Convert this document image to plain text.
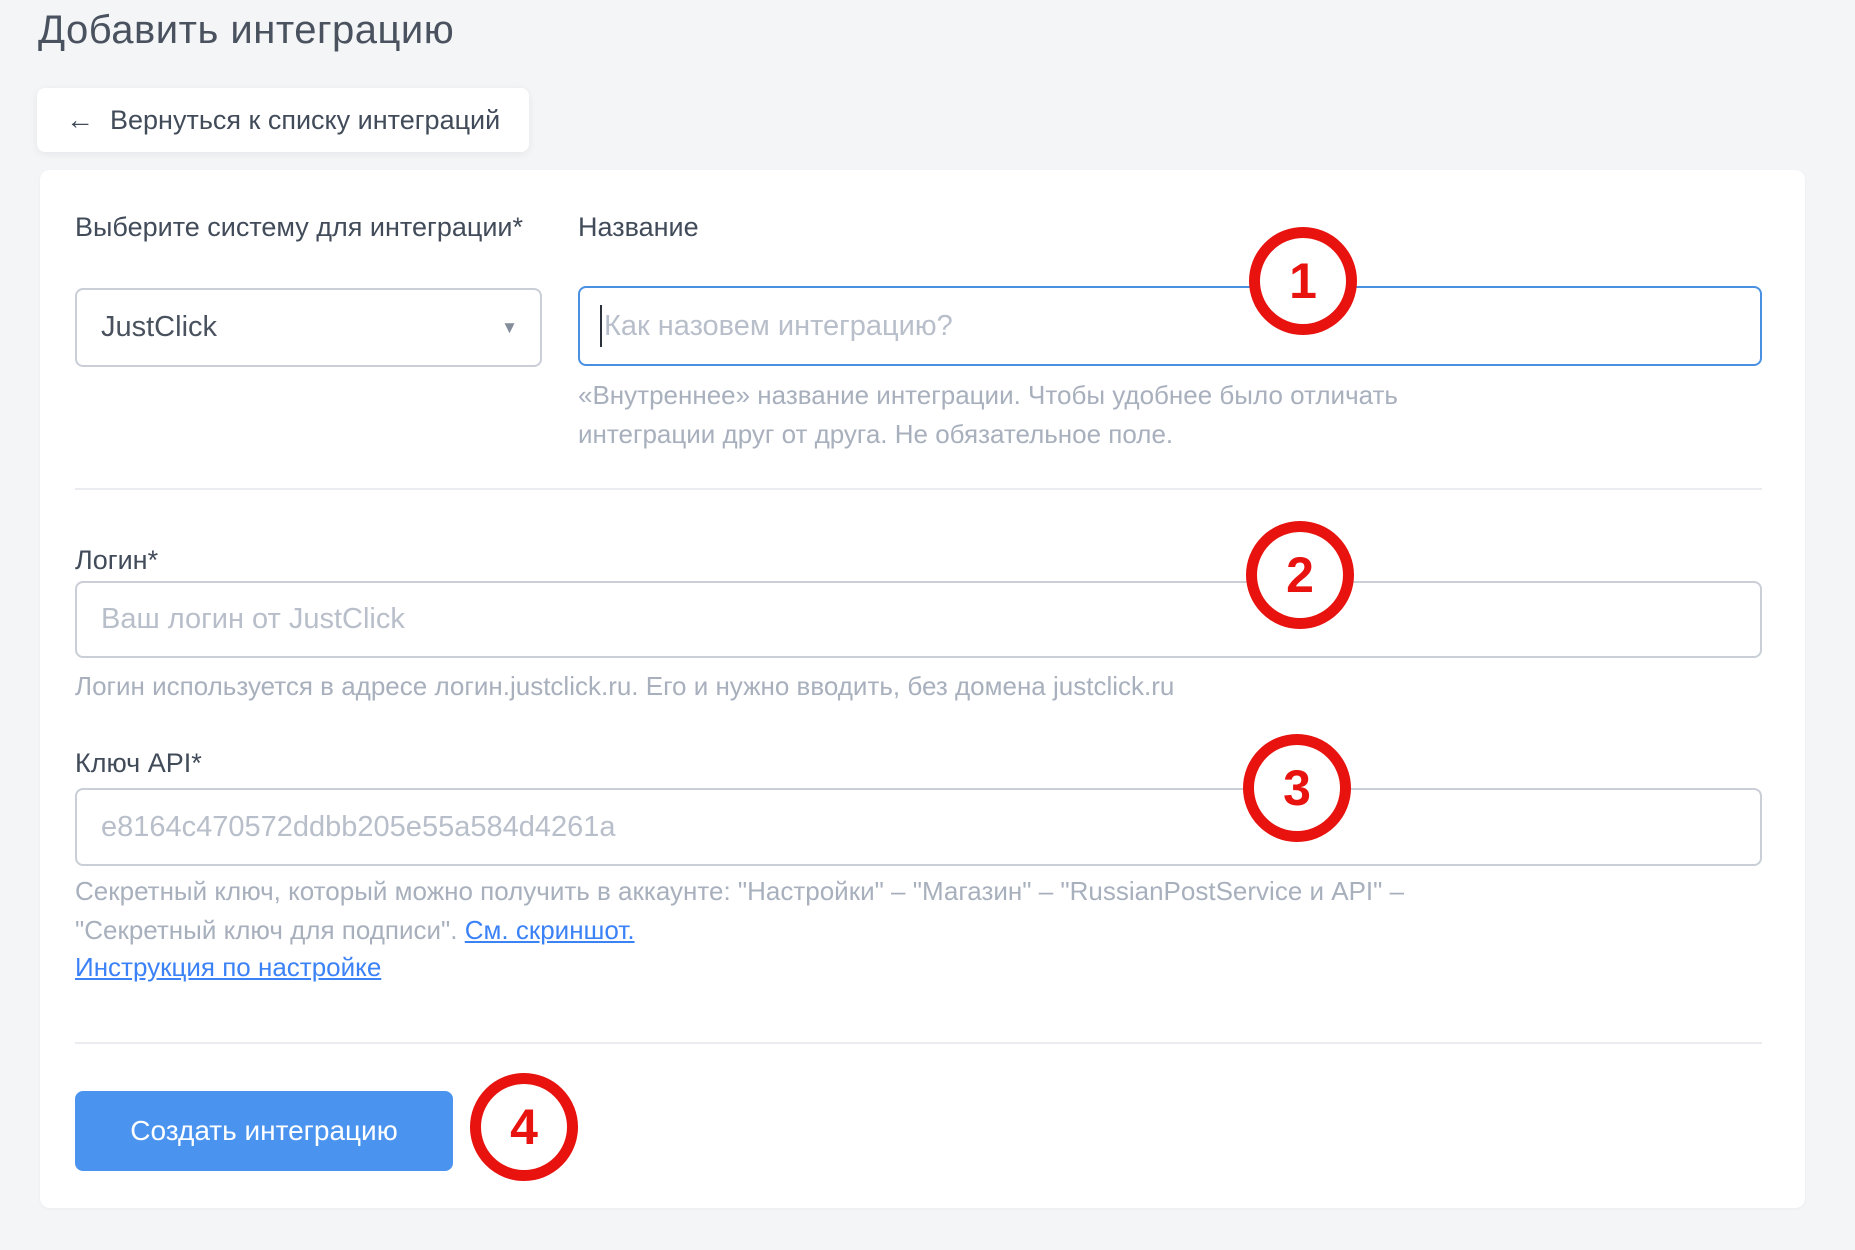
Добавить интеграцию
← Вернуться к списку интеграций
Выберите систему для интеграции*
JustClick	▼
Название
Как назовем интеграцию?
«Внутреннее» название интеграции. Чтобы удобнее было отличать интеграции друг от друга. Не обязательное поле.
Логин*
Ваш логин от JustClick
Логин используется в адресе логин.justclick.ru. Его и нужно вводить, без домена justclick.ru
Ключ API*
e8164c470572ddbb205e55a584d4261a
Секретный ключ, который можно получить в аккаунте: "Настройки" – "Магазин" – "RussianPostService и API" – "Секретный ключ для подписи". См. скриншот.
Инструкция по настройке
Создать интеграцию
1
2
3
4
